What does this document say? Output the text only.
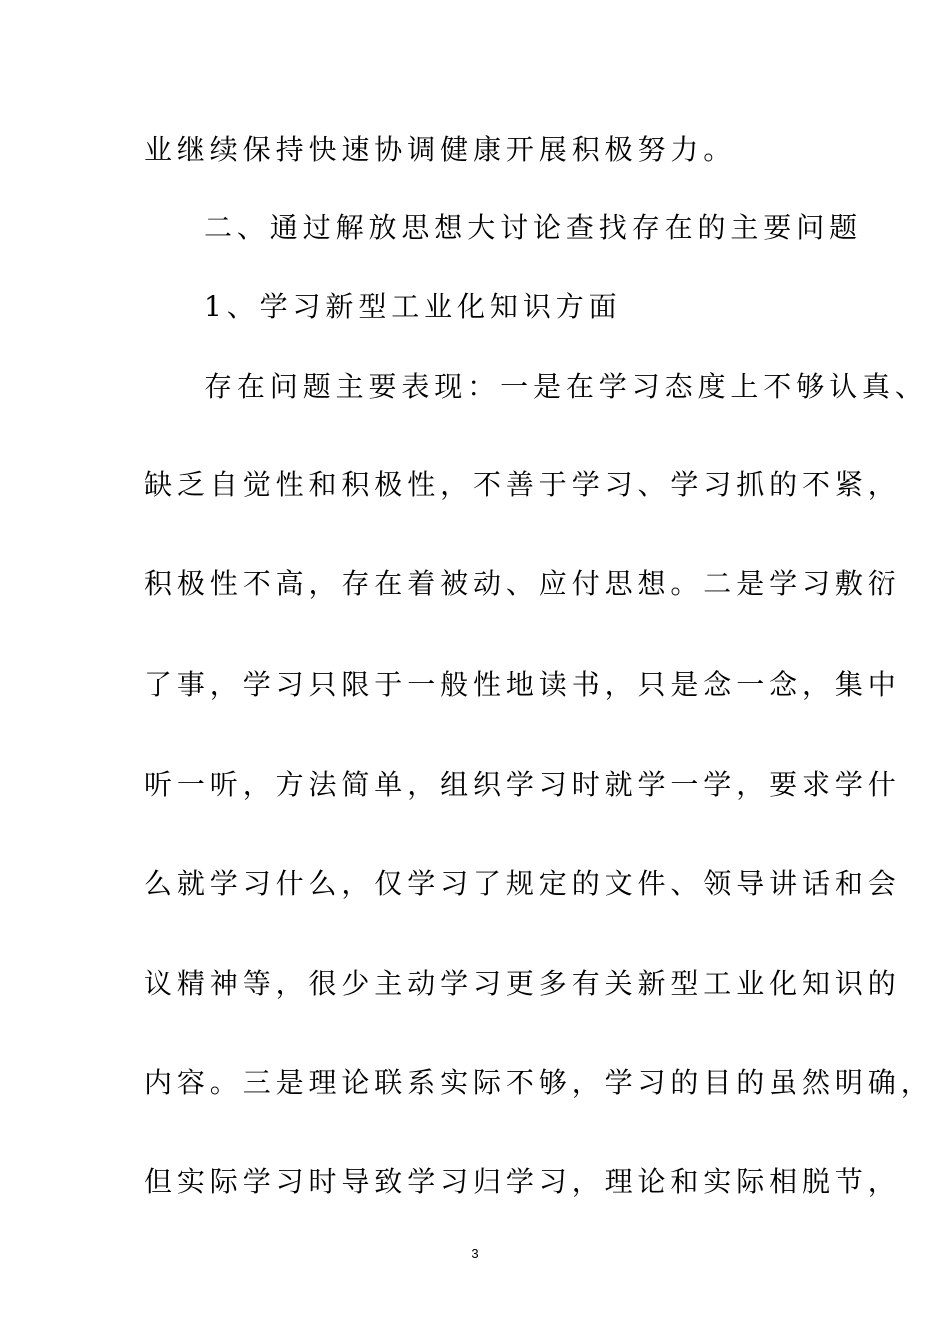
业继续保持快速协调健康开展积极努力。
二、通过解放思想大讨论查找存在的主要问题
1、学习新型工业化知识方面
存在问题主要表现：一是在学习态度上不够认真、
缺乏自觉性和积极性，不善于学习、学习抓的不紧，
积极性不高，存在着被动、应付思想。二是学习敷衍
了事，学习只限于一般性地读书，只是念一念，集中
听一听，方法简单，组织学习时就学一学，要求学什
么就学习什么，仅学习了规定的文件、领导讲话和会
议精神等，很少主动学习更多有关新型工业化知识的
内容。三是理论联系实际不够，学习的目的虽然明确，
但实际学习时导致学习归学习，理论和实际相脱节，
3
